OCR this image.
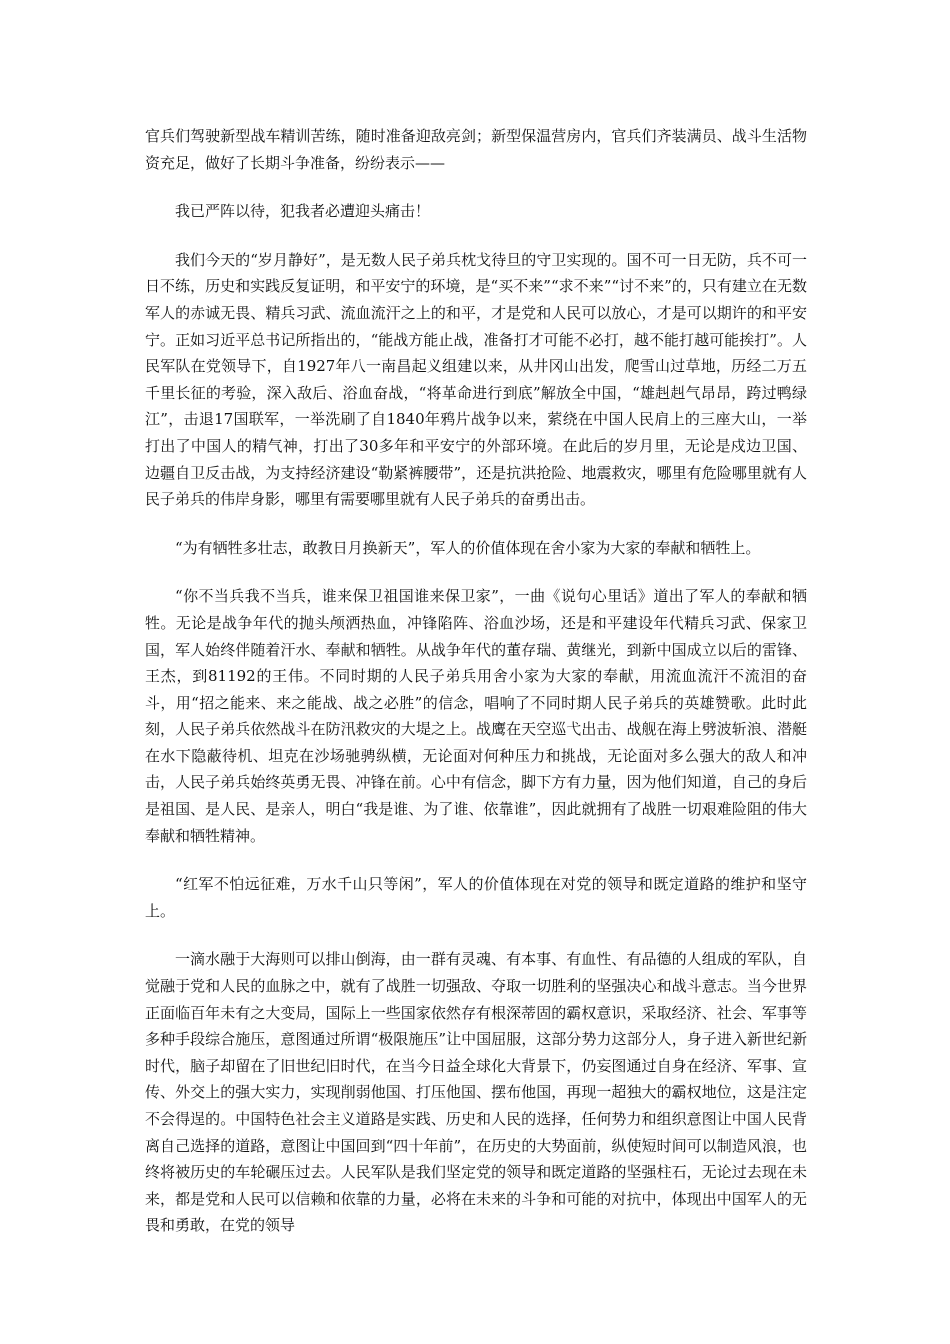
官兵们驾驶新型战车精训苦练，随时准备迎敌亮剑；新型保温营房内，官兵们齐装满员、战斗生活物资充足，做好了长期斗争准备，纷纷表示——

我已严阵以待，犯我者必遭迎头痛击！

我们今天的“岁月静好”，是无数人民子弟兵枕戈待旦的守卫实现的。国不可一日无防，兵不可一日不练，历史和实践反复证明，和平安宁的环境，是“买不来”“求不来”“讨不来”的，只有建立在无数军人的赤诚无畏、精兵习武、流血流汗之上的和平，才是党和人民可以放心，才是可以期许的和平安宁。正如习近平总书记所指出的，“能战方能止战，准备打才可能不必打，越不能打越可能挨打”。人民军队在党领导下，自1927年八一南昌起义组建以来，从井冈山出发，爬雪山过草地，历经二万五千里长征的考验，深入敌后、浴血奋战，“将革命进行到底”解放全中国，“雄赳赳气昂昂，跨过鸭绿江”，击退17国联军，一举洗刷了自1840年鸦片战争以来，萦绕在中国人民肩上的三座大山，一举打出了中国人的精气神，打出了30多年和平安宁的外部环境。在此后的岁月里，无论是戍边卫国、边疆自卫反击战，为支持经济建设“勒紧裤腰带”，还是抗洪抢险、地震救灾，哪里有危险哪里就有人民子弟兵的伟岸身影，哪里有需要哪里就有人民子弟兵的奋勇出击。

“为有牺牲多壮志，敢教日月换新天”，军人的价值体现在舍小家为大家的奉献和牺牲上。

“你不当兵我不当兵，谁来保卫祖国谁来保卫家”，一曲《说句心里话》道出了军人的奉献和牺牲。无论是战争年代的抛头颅洒热血，冲锋陷阵、浴血沙场，还是和平建设年代精兵习武、保家卫国，军人始终伴随着汗水、奉献和牺牲。从战争年代的董存瑞、黄继光，到新中国成立以后的雷锋、王杰，到81192的王伟。不同时期的人民子弟兵用舍小家为大家的奉献，用流血流汗不流泪的奋斗，用“招之能来、来之能战、战之必胜”的信念，唱响了不同时期人民子弟兵的英雄赞歌。此时此刻，人民子弟兵依然战斗在防汛救灾的大堤之上。战鹰在天空巡弋出击、战舰在海上劈波斩浪、潜艇在水下隐蔽待机、坦克在沙场驰骋纵横，无论面对何种压力和挑战，无论面对多么强大的敌人和冲击，人民子弟兵始终英勇无畏、冲锋在前。心中有信念，脚下方有力量，因为他们知道，自己的身后是祖国、是人民、是亲人，明白“我是谁、为了谁、依靠谁”，因此就拥有了战胜一切艰难险阻的伟大奉献和牺牲精神。

“红军不怕远征难，万水千山只等闲”，军人的价值体现在对党的领导和既定道路的维护和坚守上。

一滴水融于大海则可以排山倒海，由一群有灵魂、有本事、有血性、有品德的人组成的军队，自觉融于党和人民的血脉之中，就有了战胜一切强敌、夺取一切胜利的坚强决心和战斗意志。当今世界正面临百年未有之大变局，国际上一些国家依然存有根深蒂固的霸权意识，采取经济、社会、军事等多种手段综合施压，意图通过所谓“极限施压”让中国屈服，这部分势力这部分人，身子进入新世纪新时代，脑子却留在了旧世纪旧时代，在当今日益全球化大背景下，仍妄图通过自身在经济、军事、宣传、外交上的强大实力，实现削弱他国、打压他国、摆布他国，再现一超独大的霸权地位，这是注定不会得逞的。中国特色社会主义道路是实践、历史和人民的选择，任何势力和组织意图让中国人民背离自己选择的道路，意图让中国回到“四十年前”，在历史的大势面前，纵使短时间可以制造风浪，也终将被历史的车轮碾压过去。人民军队是我们坚定党的领导和既定道路的坚强柱石，无论过去现在未来，都是党和人民可以信赖和依靠的力量，必将在未来的斗争和可能的对抗中，体现出中国军人的无畏和勇敢，在党的领导
